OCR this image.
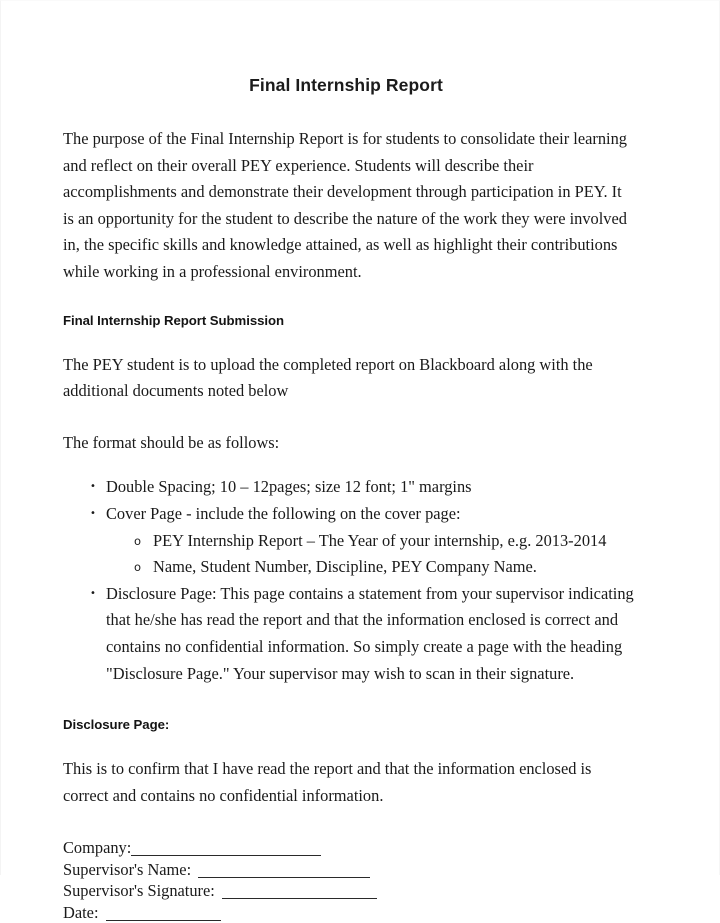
Final Internship Report

The purpose of the Final Internship Report is for students to consolidate their learning and reflect on their overall PEY experience. Students will describe their accomplishments and demonstrate their development through participation in PEY. It is an opportunity for the student to describe the nature of the work they were involved in, the specific skills and knowledge attained, as well as highlight their contributions while working in a professional environment.

Final Internship Report Submission

The PEY student is to upload the completed report on Blackboard along with the additional documents noted below

The format should be as follows:

• Double Spacing; 10 – 12pages; size 12 font; 1" margins
• Cover Page - include the following on the cover page:
o PEY Internship Report – The Year of your internship, e.g. 2013-2014
o Name, Student Number, Discipline, PEY Company Name.
• Disclosure Page: This page contains a statement from your supervisor indicating that he/she has read the report and that the information enclosed is correct and contains no confidential information. So simply create a page with the heading "Disclosure Page." Your supervisor may wish to scan in their signature.
Disclosure Page:

This is to confirm that I have read the report and that the information enclosed is correct and contains no confidential information.

Company:
Supervisor's Name:
Supervisor's Signature:
Date:
